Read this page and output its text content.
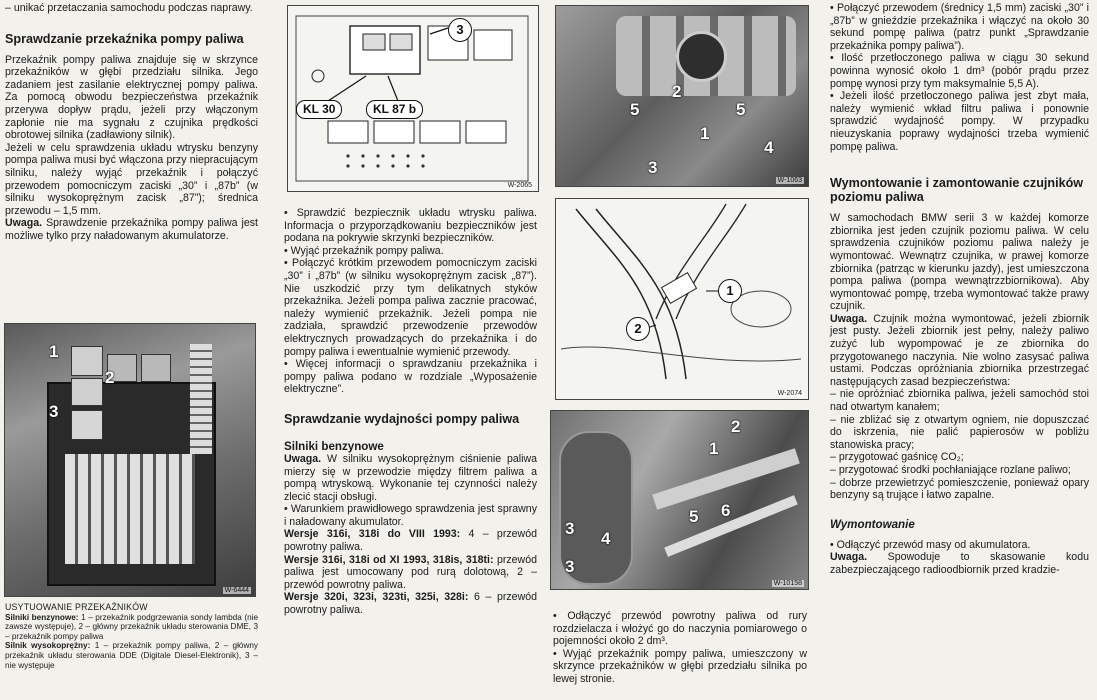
– unikać przetaczania samochodu podczas naprawy.

Sprawdzanie przekaźnika pompy paliwa

Przekaźnik pompy paliwa znajduje się w skrzynce przekaźników w głębi przedziału silnika. Jego zadaniem jest zasilanie elektrycznej pompy paliwa. Za pomocą obwodu bezpieczeństwa przekaźnik przerywa dopływ prądu, jeżeli przy włączonym zapłonie nie ma sygnału z czujnika prędkości obrotowej silnika (zadławiony silnik).

Jeżeli w celu sprawdzenia układu wtrysku benzyny pompa paliwa musi być włączona przy niepracującym silniku, należy wyjąć przekaźnik i połączyć przewodem pomocniczym zaciski „30” i „87b” (w silniku wysokoprężnym zacisk „87”); średnica przewodu – 1,5 mm.

Uwaga. Sprawdzenie przekaźnika pompy paliwa jest możliwe tylko przy naładowanym akumulatorze.

1
2
3
W-6444

USYTUOWANIE PRZEKAŹNIKÓW

Silniki benzynowe: 1 – przekaźnik podgrzewania sondy lambda (nie zawsze występuje), 2 – główny przekaźnik układu sterowania DME, 3 – przekaźnik pompy paliwa

Silnik wysokoprężny: 1 – przekaźnik pompy paliwa, 2 – główny przekaźnik układu sterowania DDE (Digitale Diesel-Elektronik), 3 – nie występuje

3
KL 30	KL 87 b
W-2065

• Sprawdzić bezpiecznik układu wtrysku paliwa. Informacja o przyporządkowaniu bezpieczników jest podana na pokrywie skrzynki bezpieczników.

• Wyjąć przekaźnik pompy paliwa.

• Połączyć krótkim przewodem pomocniczym zaciski „30” i „87b” (w silniku wysokoprężnym zacisk „87”). Nie uszkodzić przy tym delikatnych styków przekaźnika. Jeżeli pompa paliwa zacznie pracować, należy wymienić przekaźnik. Jeżeli pompa nie zadziała, sprawdzić przewodzenie przewodów elektrycznych prowadzących do przekaźnika i do pompy paliwa i ewentualnie wymienić przewody.

• Więcej informacji o sprawdzaniu przekaźnika i pompy paliwa podano w rozdziale „Wyposażenie elektryczne”.

Sprawdzanie wydajności pompy paliwa
Silniki benzynowe

Uwaga. W silniku wysokoprężnym ciśnienie paliwa mierzy się w przewodzie między filtrem paliwa a pompą wtryskową. Wykonanie tej czynności należy zlecić stacji obsługi.

• Warunkiem prawidłowego sprawdzenia jest sprawny i naładowany akumulator.

Wersje 316i, 318i do VIII 1993: 4 – przewód powrotny paliwa.

Wersje 316i, 318i od XI 1993, 318is, 318ti: przewód paliwa jest umocowany pod rurą dolotową, 2 – przewód powrotny paliwa.

Wersje 320i, 323i, 323ti, 325i, 328i: 6 – przewód powrotny paliwa.

2
5	5
1
4
3
W-1063
1
2
W-2074
2
1
5 6
3
4
3
W-10158

• Odłączyć przewód powrotny paliwa od rury rozdzielacza i włożyć go do naczynia pomiarowego o pojemności około 2 dm³.

• Wyjąć przekaźnik pompy paliwa, umieszczony w skrzynce przekaźników w głębi przedziału silnika po lewej stronie.

• Połączyć przewodem (średnicy 1,5 mm) zaciski „30” i „87b” w gnieździe przekaźnika i włączyć na około 30 sekund pompę paliwa (patrz punkt „Sprawdzanie przekaźnika pompy paliwa”).

• Ilość przetłoczonego paliwa w ciągu 30 sekund powinna wynosić około 1 dm³ (pobór prądu przez pompę wynosi przy tym maksymalnie 5,5 A).

• Jeżeli ilość przetłoczonego paliwa jest zbyt mała, należy wymienić wkład filtru paliwa i ponownie sprawdzić wydajność pompy. W przypadku nieuzyskania poprawy wydajności trzeba wymienić pompę paliwa.

Wymontowanie i zamontowanie czujników poziomu paliwa

W samochodach BMW serii 3 w każdej komorze zbiornika jest jeden czujnik poziomu paliwa. W celu sprawdzenia czujników poziomu paliwa należy je wymontować. Wewnątrz czujnika, w prawej komorze zbiornika (patrząc w kierunku jazdy), jest umieszczona pompa paliwa (pompa wewnątrzzbiornikowa). Aby wymontować pompę, trzeba wymontować także prawy czujnik.

Uwaga. Czujnik można wymontować, jeżeli zbiornik jest pusty. Jeżeli zbiornik jest pełny, należy paliwo zużyć lub wypompować je ze zbiornika do przygotowanego naczynia. Nie wolno zasysać paliwa ustami. Podczas opróżniania zbiornika przestrzegać następujących zasad bezpieczeństwa:

– nie opróżniać zbiornika paliwa, jeżeli samochód stoi nad otwartym kanałem;

– nie zbliżać się z otwartym ogniem, nie dopuszczać do iskrzenia, nie palić papierosów w pobliżu stanowiska pracy;

– przygotować gaśnicę CO₂;

– przygotować środki pochłaniające rozlane paliwo;

– dobrze przewietrzyć pomieszczenie, ponieważ opary benzyny są trujące i łatwo zapalne.

Wymontowanie

• Odłączyć przewód masy od akumulatora.

Uwaga. Spowoduje to skasowanie kodu zabezpieczającego radioodbiornik przed kradzie-
